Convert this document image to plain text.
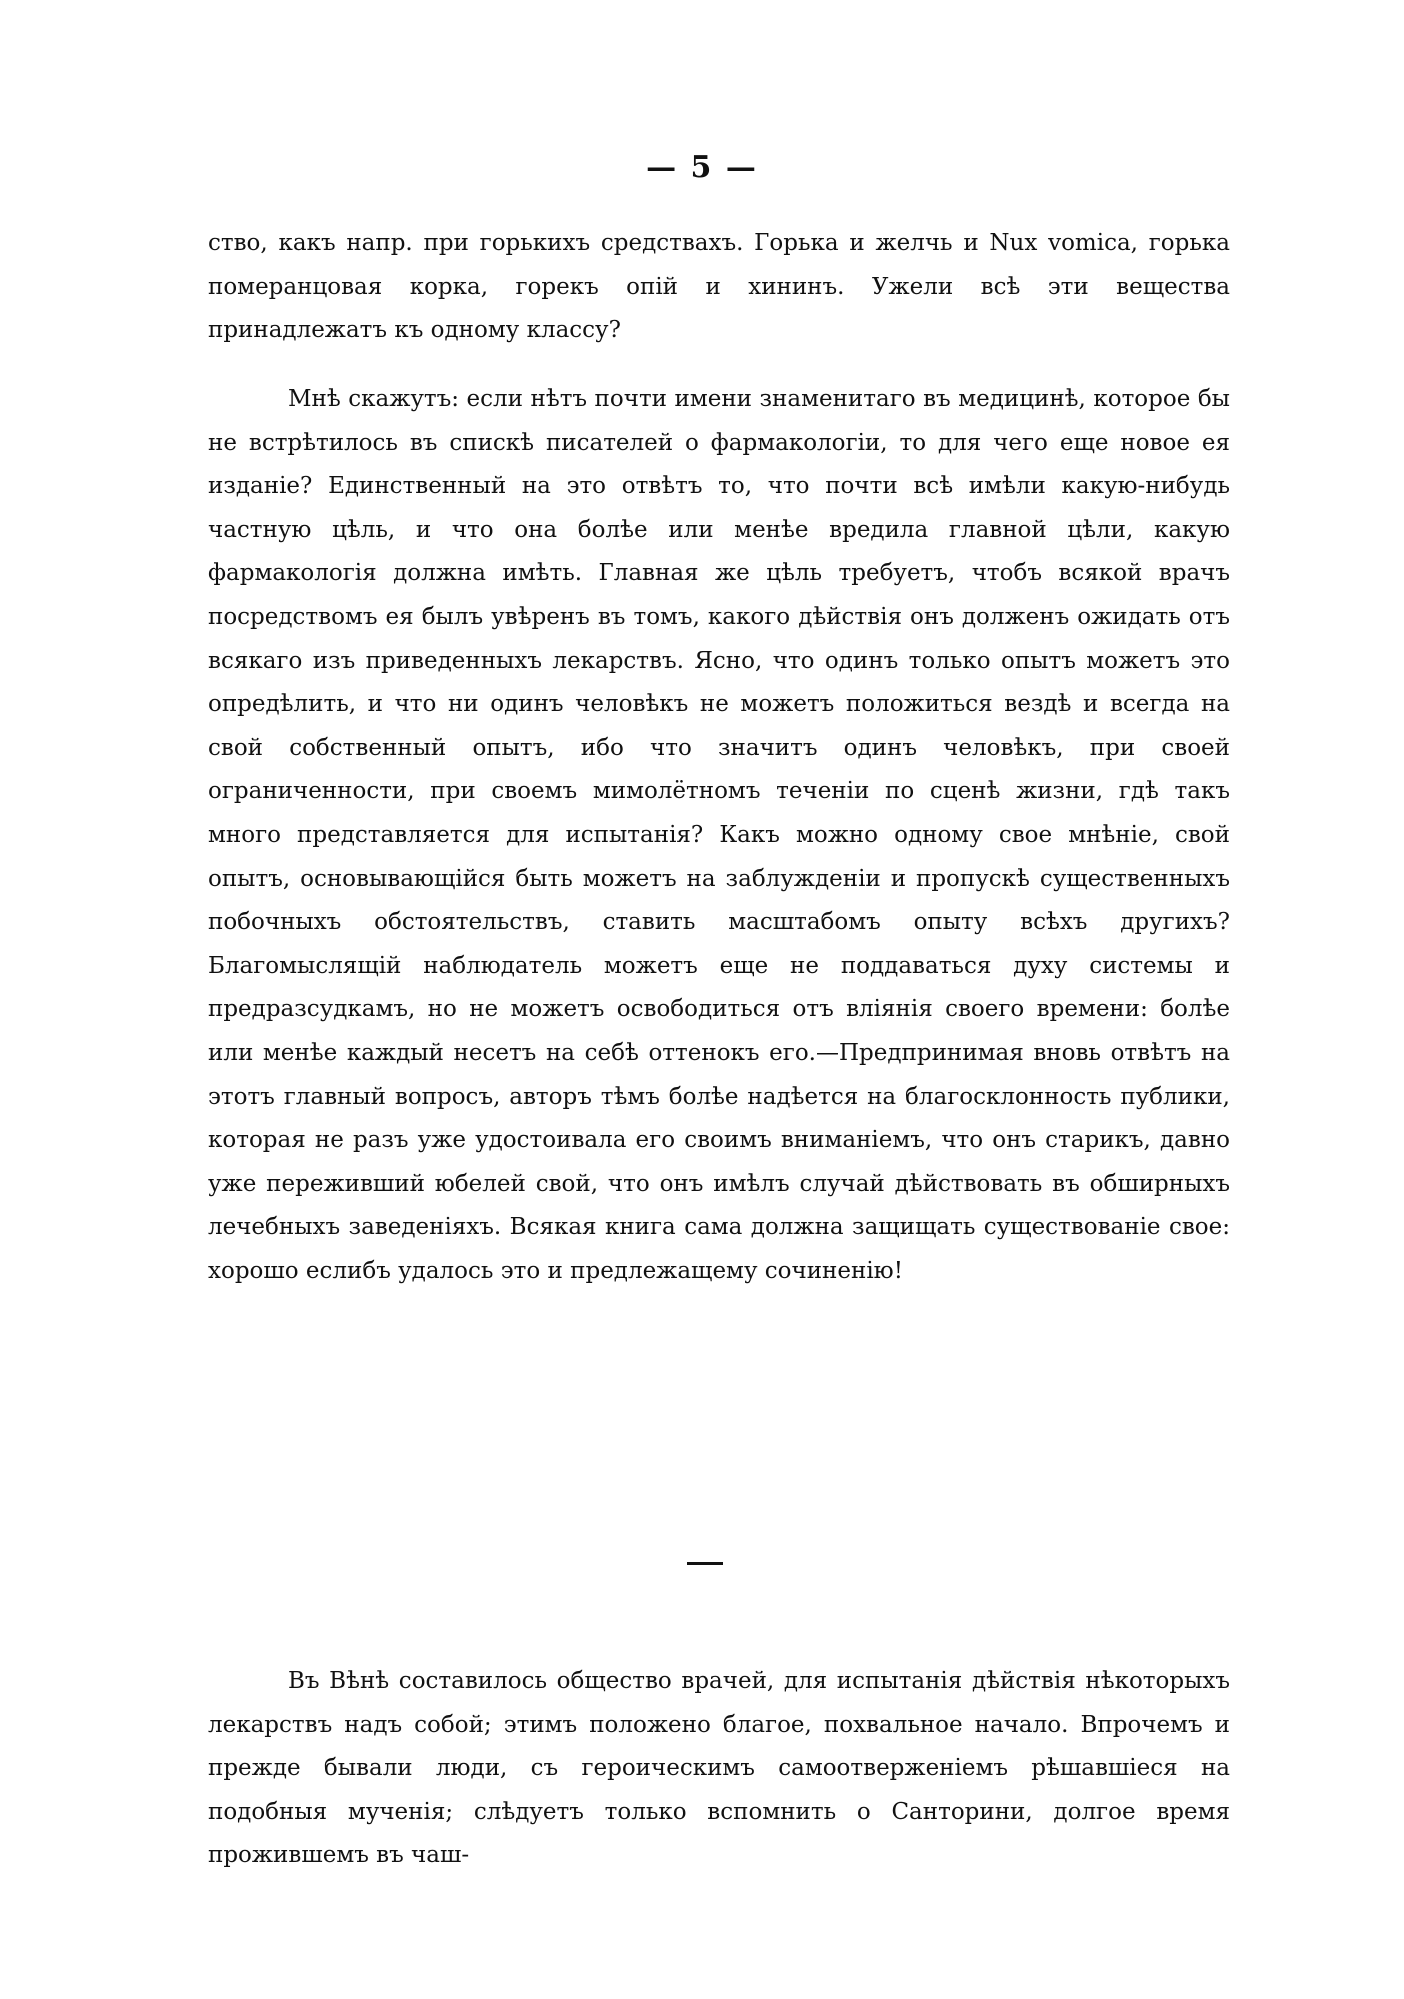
— 5 —

ство, какъ напр. при горькихъ средствахъ. Горька и желчь и Nux vomica, горька померанцовая корка, горекъ опій и хининъ. Ужели всѣ эти вещества принадлежатъ къ одному классу?

Мнѣ скажутъ: если нѣтъ почти имени знаменитаго въ медицинѣ, которое бы не встрѣтилось въ спискѣ писателей о фармакологіи, то для чего еще новое ея изданіе? Единственный на это отвѣтъ то, что почти всѣ имѣли какую-нибудь частную цѣль, и что она болѣе или менѣе вредила главной цѣли, какую фармакологія должна имѣть. Главная же цѣль требуетъ, чтобъ всякой врачъ посредствомъ ея былъ увѣренъ въ томъ, какого дѣйствія онъ долженъ ожидать отъ всякаго изъ приведенныхъ лекарствъ. Ясно, что одинъ только опытъ можетъ это опредѣлить, и что ни одинъ человѣкъ не можетъ положиться вездѣ и всегда на свой собственный опытъ, ибо что значитъ одинъ человѣкъ, при своей ограниченности, при своемъ мимолётномъ теченіи по сценѣ жизни, гдѣ такъ много представляется для испытанія? Какъ можно одному свое мнѣніе, свой опытъ, основывающійся быть можетъ на заблужденіи и пропускѣ существенныхъ побочныхъ обстоятельствъ, ставить масштабомъ опыту всѣхъ другихъ? Благомыслящій наблюдатель можетъ еще не поддаваться духу системы и предразсудкамъ, но не можетъ освободиться отъ вліянія своего времени: болѣе или менѣе каждый несетъ на себѣ оттенокъ его.—Предпринимая вновь отвѣтъ на этотъ главный вопросъ, авторъ тѣмъ болѣе надѣется на благосклонность публики, которая не разъ уже удостоивала его своимъ вниманіемъ, что онъ старикъ, давно уже переживший юбелей свой, что онъ имѣлъ случай дѣйствовать въ обширныхъ лечебныхъ заведеніяхъ. Всякая книга сама должна защищать существованіе свое: хорошо еслибъ удалось это и предлежащему сочиненію!

Въ Вѣнѣ составилось общество врачей, для испытанія дѣйствія нѣкоторыхъ лекарствъ надъ собой; этимъ положено благое, похвальное начало. Впрочемъ и прежде бывали люди, съ героическимъ самоотверженіемъ рѣшавшіеся на подобныя мученія; слѣдуетъ только вспомнить о Санторини, долгое время прожившемъ въ чаш-
